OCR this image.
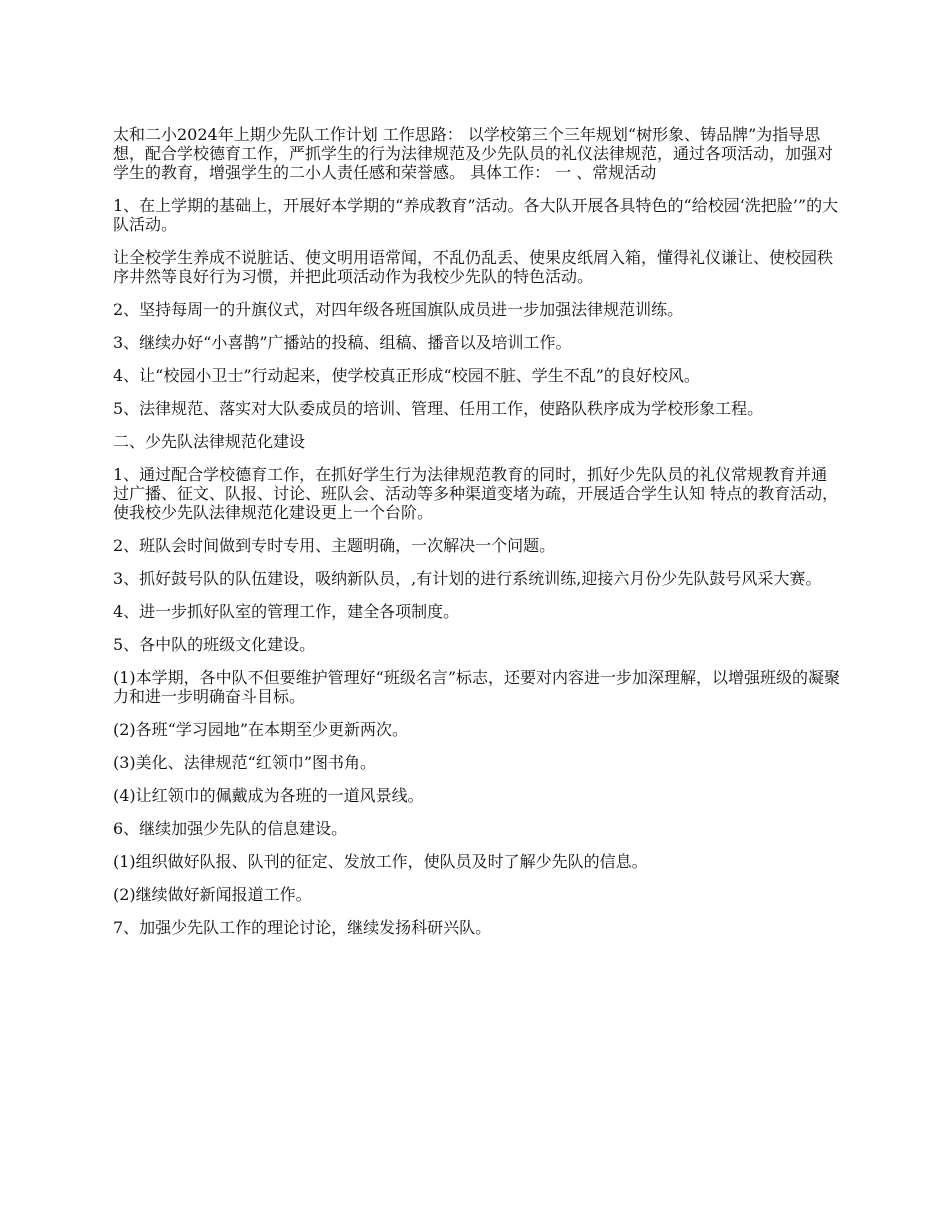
太和二小2024年上期少先队工作计划 工作思路： 以学校第三个三年规划“树形象、铸品牌”为指导思想，配合学校德育工作，严抓学生的行为法律规范及少先队员的礼仪法律规范，通过各项活动，加强对学生的教育，增强学生的二小人责任感和荣誉感。 具体工作： 一 、常规活动

1、在上学期的基础上，开展好本学期的“养成教育”活动。各大队开展各具特色的“给校园‘洗把脸’”的大队活动。

让全校学生养成不说脏话、使文明用语常闻，不乱仍乱丢、使果皮纸屑入箱，懂得礼仪谦让、使校园秩序井然等良好行为习惯，并把此项活动作为我校少先队的特色活动。

2、坚持每周一的升旗仪式，对四年级各班国旗队成员进一步加强法律规范训练。

3、继续办好“小喜鹊”广播站的投稿、组稿、播音以及培训工作。

4、让“校园小卫士”行动起来，使学校真正形成“校园不脏、学生不乱”的良好校风。

5、法律规范、落实对大队委成员的培训、管理、任用工作，使路队秩序成为学校形象工程。

二、少先队法律规范化建设

1、通过配合学校德育工作，在抓好学生行为法律规范教育的同时，抓好少先队员的礼仪常规教育并通过广播、征文、队报、讨论、班队会、活动等多种渠道变堵为疏，开展适合学生认知 特点的教育活动，使我校少先队法律规范化建设更上一个台阶。

2、班队会时间做到专时专用、主题明确，一次解决一个问题。

3、抓好鼓号队的队伍建设，吸纳新队员，,有计划的进行系统训练,迎接六月份少先队鼓号风采大赛。

4、进一步抓好队室的管理工作，建全各项制度。

5、各中队的班级文化建设。

(1)本学期，各中队不但要维护管理好“班级名言”标志，还要对内容进一步加深理解，以增强班级的凝聚力和进一步明确奋斗目标。

(2)各班“学习园地”在本期至少更新两次。

(3)美化、法律规范“红领巾”图书角。

(4)让红领巾的佩戴成为各班的一道风景线。

6、继续加强少先队的信息建设。

(1)组织做好队报、队刊的征定、发放工作，使队员及时了解少先队的信息。

(2)继续做好新闻报道工作。

7、加强少先队工作的理论讨论，继续发扬科研兴队。
